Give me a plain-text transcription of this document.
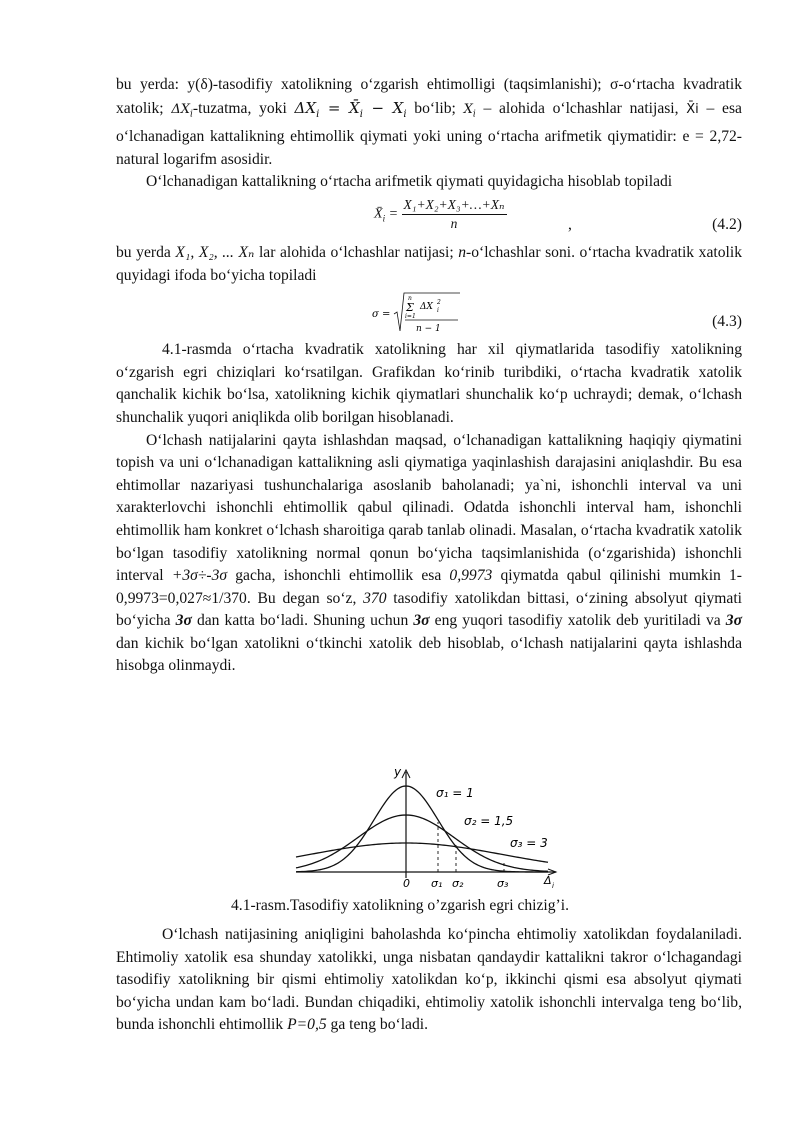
bu yerda: y(δ)-tasodifiy xatolikning o‘zgarish ehtimolligi (taqsimlanishi); σ-o‘rtacha kvadratik xatolik; $\Delta X_i$-tuzatma, yoki $\Delta X_i$ = $X̄_i - X_i$ bo‘lib; $X_i$ – alohida o‘lchashlar natijasi, X̄i – esa o‘lchanadigan kattalikning ehtimollik qiymati yoki uning o‘rtacha arifmetik qiymatidir: e = 2,72-natural logarifm asosidir.

O‘lchanadigan kattalikning o‘rtacha arifmetik qiymati quyidagicha hisoblab topiladi

$X̄_i = \frac{\text{X₁+X₂+X₃+…+Xₙ}}{n}$	,	(4.2)

bu yerda X₁, X₂, ... Xₙ lar alohida o‘lchashlar natijasi; n-o‘lchashlar soni. o‘rtacha kvadratik xatolik quyidagi ifoda bo‘yicha topiladi

σ =
n
Σ
i=1
ΔX 2
i
n − 1	(4.3)

4.1-rasmda o‘rtacha kvadratik xatolikning har xil qiymatlarida tasodifiy xatolikning o‘zgarish egri chiziqlari ko‘rsatilgan. Grafikdan ko‘rinib turibdiki, o‘rtacha kvadratik xatolik qanchalik kichik bo‘lsa, xatolikning kichik qiymatlari shunchalik ko‘p uchraydi; demak, o‘lchash shunchalik yuqori aniqlikda olib borilgan hisoblanadi.

O‘lchash natijalarini qayta ishlashdan maqsad, o‘lchanadigan kattalikning haqiqiy qiymatini topish va uni o‘lchanadigan kattalikning asli qiymatiga yaqinlashish darajasini aniqlashdir. Bu esa ehtimollar nazariyasi tushunchalariga asoslanib baholanadi; ya`ni, ishonchli interval va uni xarakterlovchi ishonchli ehtimollik qabul qilinadi. Odatda ishonchli interval ham, ishonchli ehtimollik ham konkret o‘lchash sharoitiga qarab tanlab olinadi. Masalan, o‘rtacha kvadratik xatolik bo‘lgan tasodifiy xatolikning normal qonun bo‘yicha taqsimlanishida (o‘zgarishida) ishonchli interval +3σ÷-3σ gacha, ishonchli ehtimollik esa 0,9973 qiymatda qabul qilinishi mumkin 1-0,9973=0,027≈1/370. Bu degan so‘z, 370 tasodifiy xatolikdan bittasi, o‘zining absolyut qiymati bo‘yicha 3σ dan katta bo‘ladi. Shuning uchun 3σ eng yuqori tasodifiy xatolik deb yuritiladi va 3σ dan kichik bo‘lgan xatolikni o‘tkinchi xatolik deb hisoblab, o‘lchash natijalarini qayta ishlashda hisobga olinmaydi.

y
0 σ₁ σ₂	σ₃	Δ i
σ₁ = 1
σ₂ = 1,5
σ₃ = 3
4.1-rasm.Tasodifiy xatolikning o’zgarish egri chizig’i.

O‘lchash natijasining aniqligini baholashda ko‘pincha ehtimoliy xatolikdan foydalaniladi. Ehtimoliy xatolik esa shunday xatolikki, unga nisbatan qandaydir kattalikni takror o‘lchagandagi tasodifiy xatolikning bir qismi ehtimoliy xatolikdan ko‘p, ikkinchi qismi esa absolyut qiymati bo‘yicha undan kam bo‘ladi. Bundan chiqadiki, ehtimoliy xatolik ishonchli intervalga teng bo‘lib, bunda ishonchli ehtimollik P=0,5 ga teng bo‘ladi.
